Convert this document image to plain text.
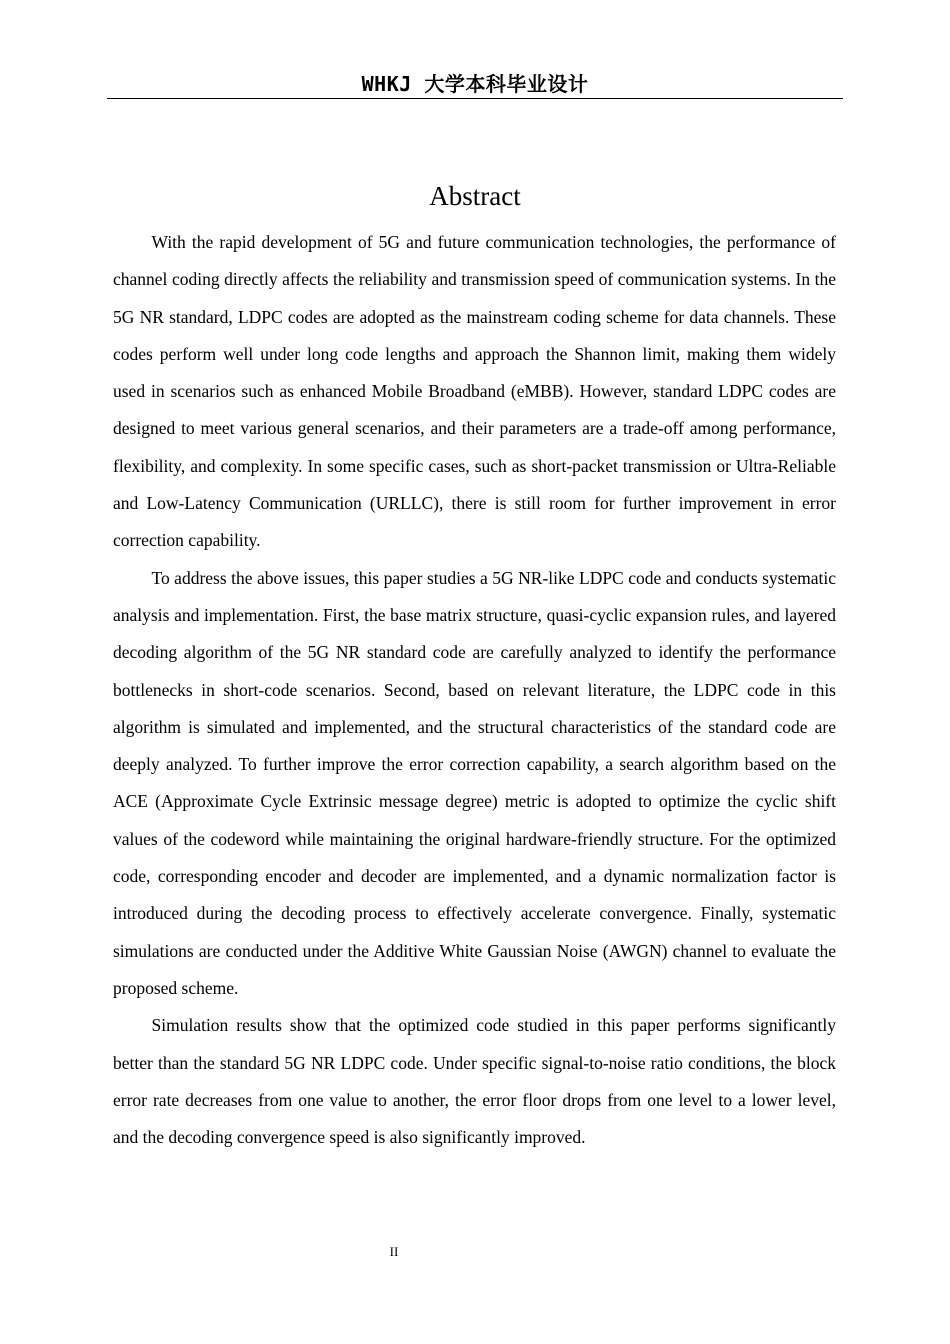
WHKJ 大学本科毕业设计
Abstract

With the rapid development of 5G and future communication technologies, the performance of channel coding directly affects the reliability and transmission speed of communication systems. In the 5G NR standard, LDPC codes are adopted as the mainstream coding scheme for data channels. These codes perform well under long code lengths and approach the Shannon limit, making them widely used in scenarios such as enhanced Mobile Broadband (eMBB). However, standard LDPC codes are designed to meet various general scenarios, and their parameters are a trade-off among performance, flexibility, and complexity. In some specific cases, such as short-packet transmission or Ultra-Reliable and Low-Latency Communication (URLLC), there is still room for further improvement in error correction capability.

To address the above issues, this paper studies a 5G NR-like LDPC code and conducts systematic analysis and implementation. First, the base matrix structure, quasi-cyclic expansion rules, and layered decoding algorithm of the 5G NR standard code are carefully analyzed to identify the performance bottlenecks in short-code scenarios. Second, based on relevant literature, the LDPC code in this algorithm is simulated and implemented, and the structural characteristics of the standard code are deeply analyzed. To further improve the error correction capability, a search algorithm based on the ACE (Approximate Cycle Extrinsic message degree) metric is adopted to optimize the cyclic shift values of the codeword while maintaining the original hardware-friendly structure. For the optimized code, corresponding encoder and decoder are implemented, and a dynamic normalization factor is introduced during the decoding process to effectively accelerate convergence. Finally, systematic simulations are conducted under the Additive White Gaussian Noise (AWGN) channel to evaluate the proposed scheme.

Simulation results show that the optimized code studied in this paper performs significantly better than the standard 5G NR LDPC code. Under specific signal-to-noise ratio conditions, the block error rate decreases from one value to another, the error floor drops from one level to a lower level, and the decoding convergence speed is also significantly improved.

II
